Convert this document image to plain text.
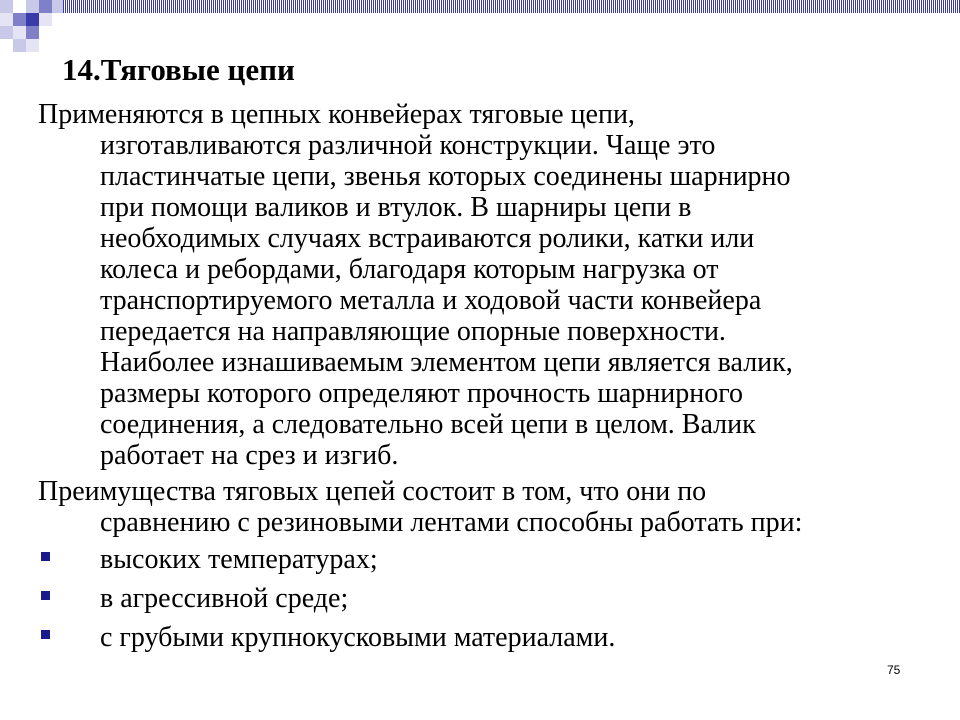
14.Тяговые цепи
Применяются в цепных конвейерах тяговые цепи,
изготавливаются различной конструкции. Чаще это
пластинчатые цепи, звенья которых соединены шарнирно
при помощи валиков и втулок. В шарниры цепи в
необходимых случаях встраиваются ролики, катки или
колеса и ребордами, благодаря которым нагрузка от
транспортируемого металла и ходовой части конвейера
передается на направляющие опорные поверхности.
Наиболее изнашиваемым элементом цепи является валик,
размеры которого определяют прочность шарнирного
соединения, а следовательно всей цепи в целом. Валик
работает на срез и изгиб.
Преимущества тяговых цепей состоит в том, что они по
сравнению с резиновыми лентами способны работать при:
высоких температурах;
в агрессивной среде;
с грубыми крупнокусковыми материалами.
75
